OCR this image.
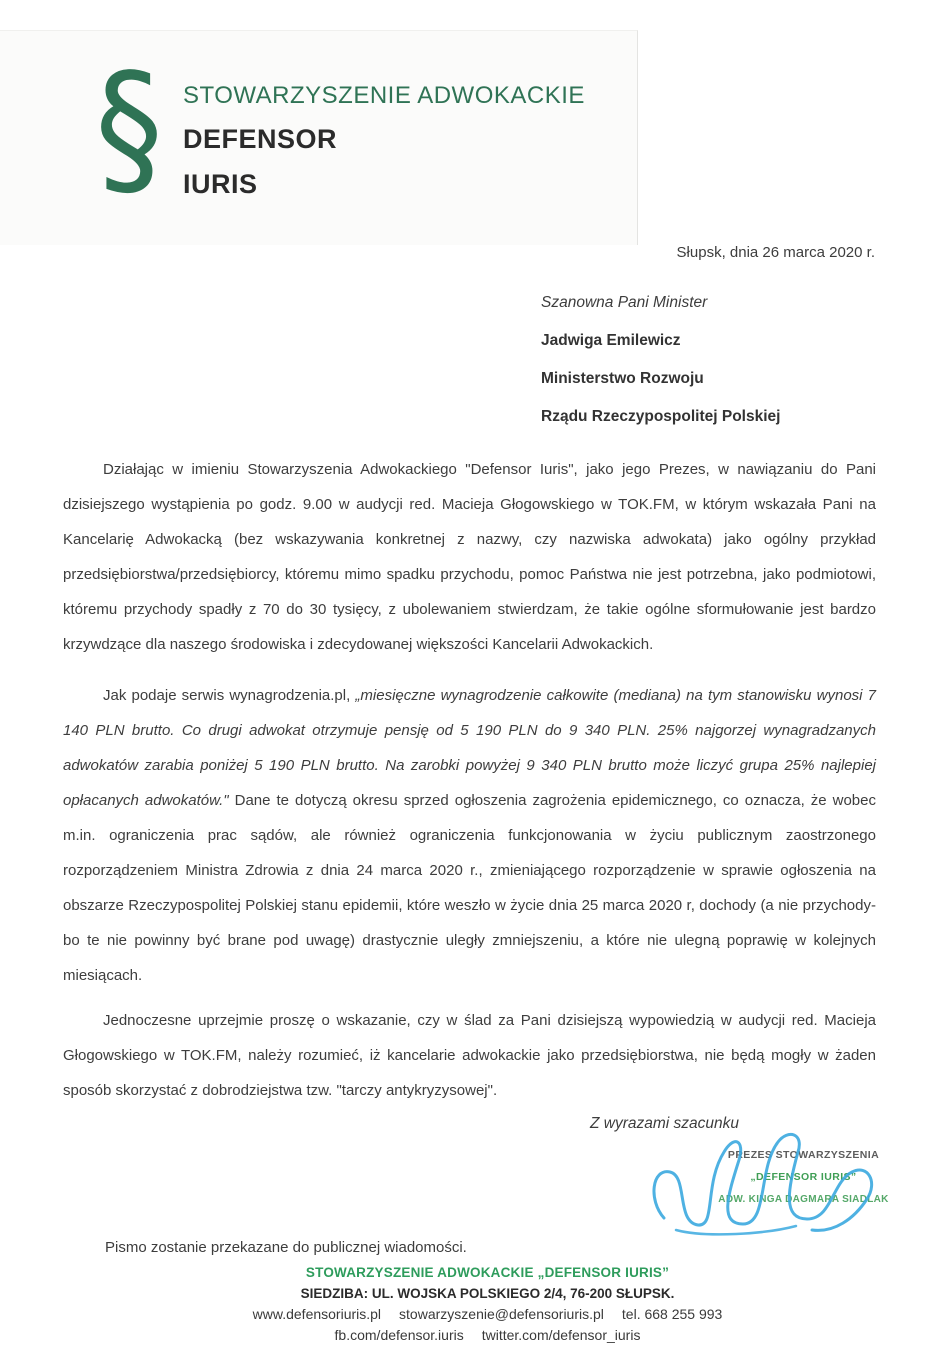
§ STOWARZYSZENIE ADWOKACKIE
DEFENSOR
IURIS
Słupsk, dnia 26 marca 2020 r.
Szanowna Pani Minister
Jadwiga Emilewicz
Ministerstwo Rozwoju
Rządu Rzeczypospolitej Polskiej

Działając w imieniu Stowarzyszenia Adwokackiego "Defensor Iuris", jako jego Prezes, w nawiązaniu do Pani dzisiejszego wystąpienia po godz. 9.00 w audycji red. Macieja Głogowskiego w TOK.FM, w którym wskazała Pani na Kancelarię Adwokacką (bez wskazywania konkretnej z nazwy, czy nazwiska adwokata) jako ogólny przykład przedsiębiorstwa/przedsiębiorcy, któremu mimo spadku przychodu, pomoc Państwa nie jest potrzebna, jako podmiotowi, któremu przychody spadły z 70 do 30 tysięcy, z ubolewaniem stwierdzam, że takie ogólne sformułowanie jest bardzo krzywdzące dla naszego środowiska i zdecydowanej większości Kancelarii Adwokackich.

Jak podaje serwis wynagrodzenia.pl, „miesięczne wynagrodzenie całkowite (mediana) na tym stanowisku wynosi 7 140 PLN brutto. Co drugi adwokat otrzymuje pensję od 5 190 PLN do 9 340 PLN. 25% najgorzej wynagradzanych adwokatów zarabia poniżej 5 190 PLN brutto. Na zarobki powyżej 9 340 PLN brutto może liczyć grupa 25% najlepiej opłacanych adwokatów." Dane te dotyczą okresu sprzed ogłoszenia zagrożenia epidemicznego, co oznacza, że wobec m.in. ograniczenia prac sądów, ale również ograniczenia funkcjonowania w życiu publicznym zaostrzonego rozporządzeniem Ministra Zdrowia z dnia 24 marca 2020 r., zmieniającego rozporządzenie w sprawie ogłoszenia na obszarze Rzeczypospolitej Polskiej stanu epidemii, które weszło w życie dnia 25 marca 2020 r, dochody (a nie przychody- bo te nie powinny być brane pod uwagę) drastycznie uległy zmniejszeniu, a które nie ulegną poprawię w kolejnych miesiącach.

Jednoczesne uprzejmie proszę o wskazanie, czy w ślad za Pani dzisiejszą wypowiedzią w audycji red. Macieja Głogowskiego w TOK.FM, należy rozumieć, iż kancelarie adwokackie jako przedsiębiorstwa, nie będą mogły w żaden sposób skorzystać z dobrodziejstwa tzw. "tarczy antykryzysowej".

Z wyrazami szacunku
PREZES STOWARZYSZENIA
„DEFENSOR IURIS”
ADW. KINGA DAGMARA SIADLAK
Pismo zostanie przekazane do publicznej wiadomości.
STOWARZYSZENIE ADWOKACKIE „DEFENSOR IURIS”
SIEDZIBA: UL. WOJSKA POLSKIEGO 2/4, 76-200 SŁUPSK.
www.defensoriuris.pl stowarzyszenie@defensoriuris.pl tel. 668 255 993
fb.com/defensor.iuris twitter.com/defensor_iuris
